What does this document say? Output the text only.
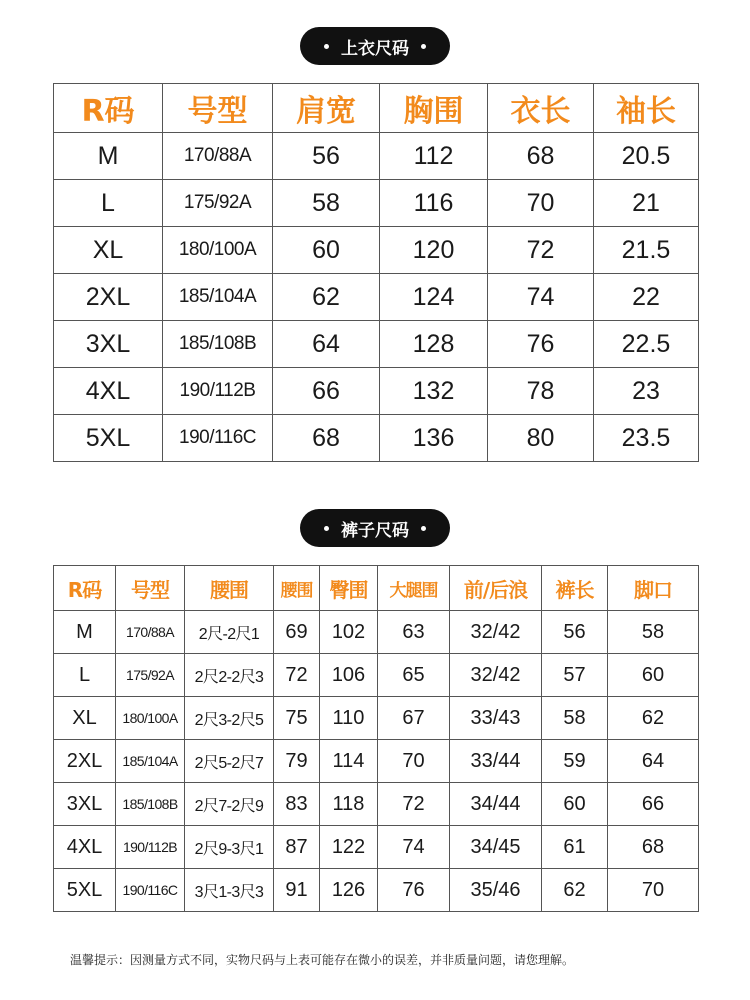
上衣尺码
R码	号型	肩宽	胸围	衣长	袖长
M	170/88A	56	112	68	20.5
L	175/92A	58	116	70	21
XL	180/100A	60	120	72	21.5
2XL	185/104A	62	124	74	22
3XL	185/108B	64	128	76	22.5
4XL	190/112B	66	132	78	23
5XL	190/116C	68	136	80	23.5
裤子尺码
R码	号型	腰围	腰围	臀围	大腿围	前/后浪	裤长	脚口
M	170/88A	2尺-2尺1	69	102	63	32/42	56	58
L	175/92A	2尺2-2尺3	72	106	65	32/42	57	60
XL	180/100A	2尺3-2尺5	75	110	67	33/43	58	62
2XL	185/104A	2尺5-2尺7	79	114	70	33/44	59	64
3XL	185/108B	2尺7-2尺9	83	118	72	34/44	60	66
4XL	190/112B	2尺9-3尺1	87	122	74	34/45	61	68
5XL	190/116C	3尺1-3尺3	91	126	76	35/46	62	70
温馨提示：因测量方式不同，实物尺码与上表可能存在微小的误差，并非质量问题，请您理解。
